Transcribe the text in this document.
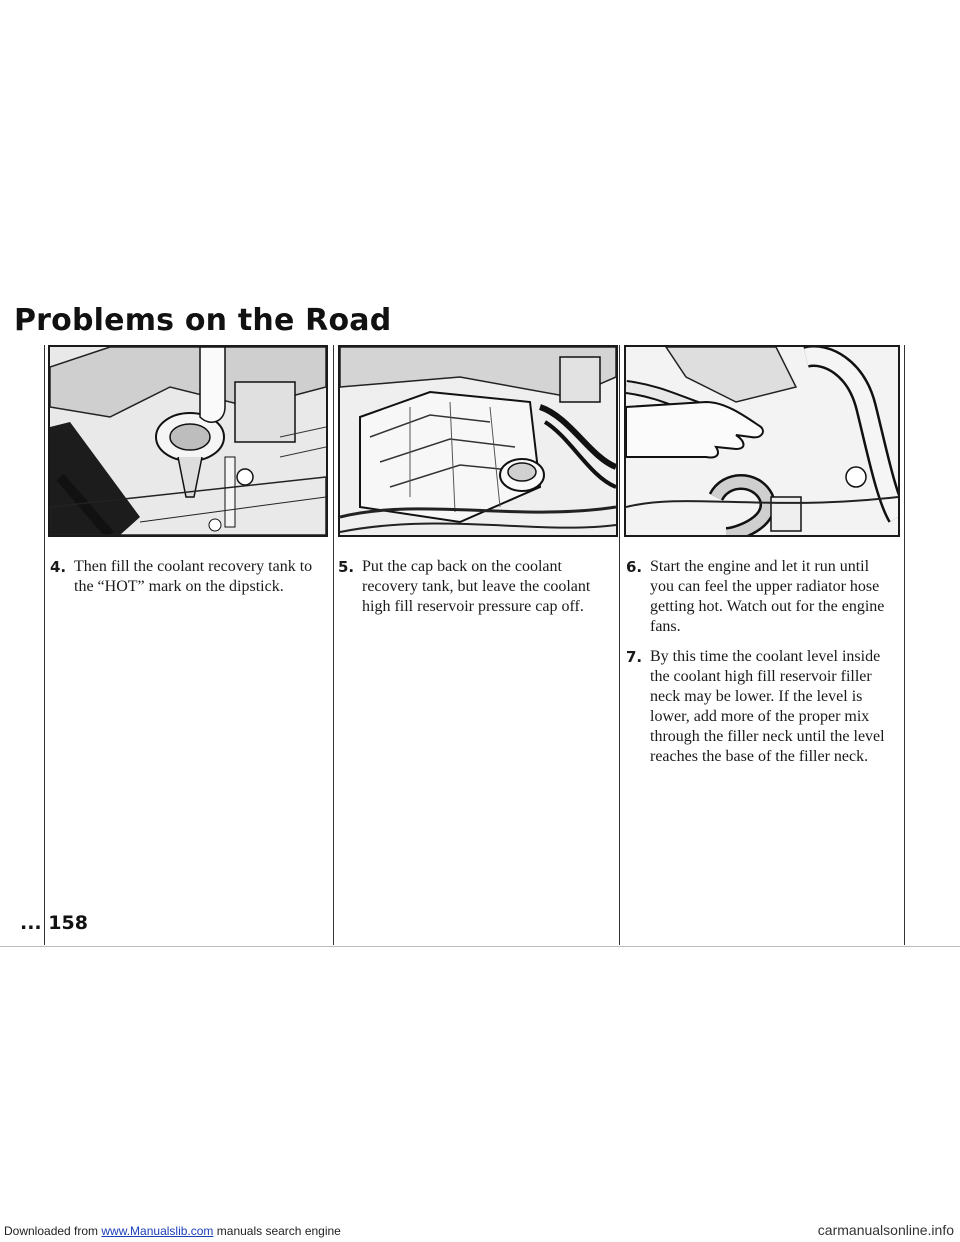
Problems on the Road
4. Then fill the coolant recovery tank to the “HOT” mark on the dipstick.
5. Put the cap back on the coolant recovery tank, but leave the coolant high fill reservoir pressure cap off.
6. Start the engine and let it run until you can feel the upper radiator hose getting hot. Watch out for the engine fans.
7. By this time the coolant level inside the coolant high fill reservoir filler neck may be lower. If the level is lower, add more of the proper mix through the filler neck until the level reaches the base of the filler neck.
... 158
Downloaded from www.Manualslib.com manuals search engine	carmanualsonline.info
